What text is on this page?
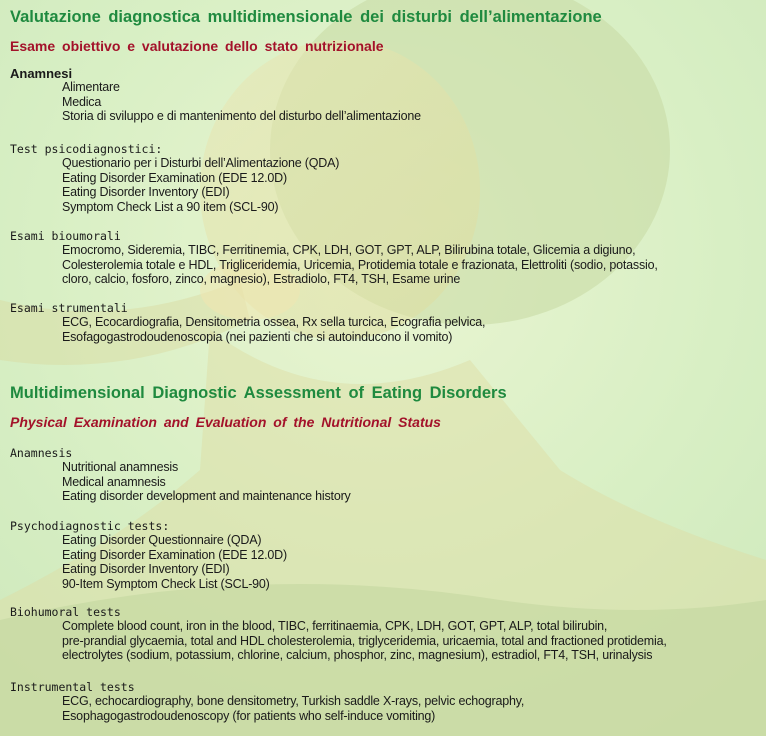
Valutazione diagnostica multidimensionale dei disturbi dell’alimentazione
Esame obiettivo e valutazione dello stato nutrizionale
Anamnesi
Alimentare
Medica
Storia di sviluppo e di mantenimento del disturbo dell’alimentazione
Test psicodiagnostici:
Questionario per i Disturbi dell’Alimentazione (QDA)
Eating Disorder Examination (EDE 12.0D)
Eating Disorder Inventory (EDI)
Symptom Check List a 90 item (SCL-90)
Esami bioumorali
Emocromo, Sideremia, TIBC, Ferritinemia, CPK, LDH, GOT, GPT, ALP, Bilirubina totale, Glicemia a digiuno,
Colesterolemia totale e HDL, Trigliceridemia, Uricemia, Protidemia totale e frazionata, Elettroliti (sodio, potassio,
cloro, calcio, fosforo, zinco, magnesio), Estradiolo, FT4, TSH, Esame urine
Esami strumentali
ECG, Ecocardiografia, Densitometria ossea, Rx sella turcica, Ecografia pelvica,
Esofagogastrodoudenoscopia (nei pazienti che si autoinducono il vomito)
Multidimensional Diagnostic Assessment of Eating Disorders
Physical Examination and Evaluation of the Nutritional Status
Anamnesis
Nutritional anamnesis
Medical anamnesis
Eating disorder development and maintenance history
Psychodiagnostic tests:
Eating Disorder Questionnaire (QDA)
Eating Disorder Examination (EDE 12.0D)
Eating Disorder Inventory (EDI)
90-Item Symptom Check List (SCL-90)
Biohumoral tests
Complete blood count, iron in the blood, TIBC, ferritinaemia, CPK, LDH, GOT, GPT, ALP, total bilirubin,
pre-prandial glycaemia, total and HDL cholesterolemia, triglyceridemia, uricaemia, total and fractioned protidemia,
electrolytes (sodium, potassium, chlorine, calcium, phosphor, zinc, magnesium), estradiol, FT4, TSH, urinalysis
Instrumental tests
ECG, echocardiography, bone densitometry, Turkish saddle X-rays, pelvic echography,
Esophagogastrodoudenoscopy (for patients who self-induce vomiting)
